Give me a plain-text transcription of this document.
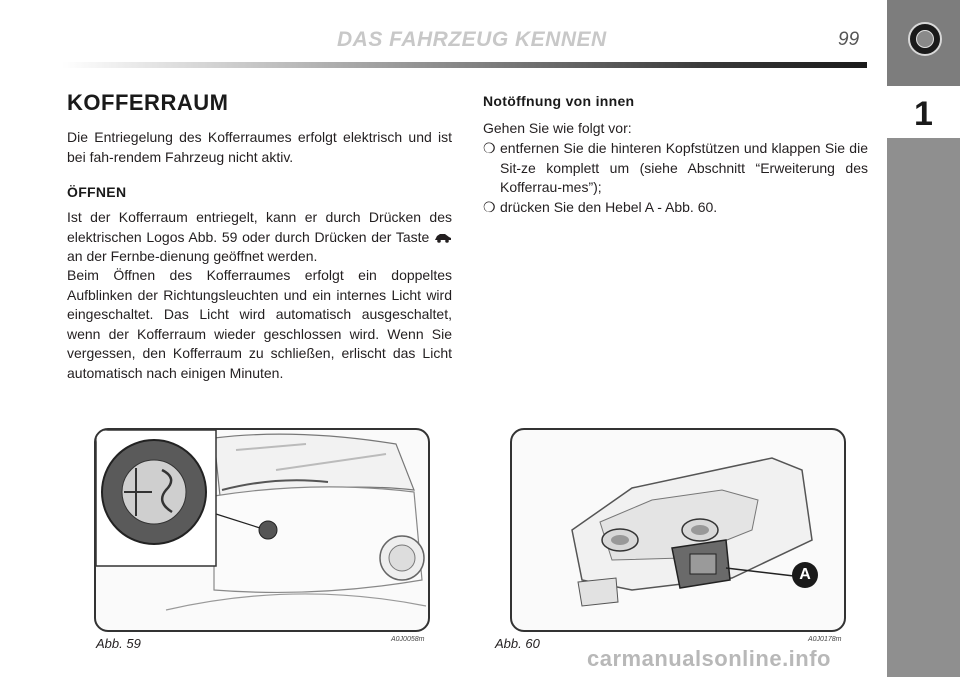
DAS FAHRZEUG KENNEN	99
1
KOFFERRAUM
Die Entriegelung des Kofferraumes erfolgt elektrisch und ist bei fah-rendem Fahrzeug nicht aktiv.
ÖFFNEN
Ist der Kofferraum entriegelt, kann er durch Drücken des elektrischen Logos Abb. 59 oder durch Drücken der Taste  an der Fernbe-dienung geöffnet werden.
Beim Öffnen des Kofferraumes erfolgt ein doppeltes Aufblinken der Richtungsleuchten und ein internes Licht wird eingeschaltet. Das Licht wird automatisch ausgeschaltet, wenn der Kofferraum wieder geschlossen wird. Wenn Sie vergessen, den Kofferraum zu schließen, erlischt das Licht automatisch nach einigen Minuten.
Notöffnung von innen
Gehen Sie wie folgt vor:
❍ entfernen Sie die hinteren Kopfstützen und klappen Sie die Sit-ze komplett um (siehe Abschnitt “Erweiterung des Kofferrau-mes”);
❍ drücken Sie den Hebel A - Abb. 60.
Abb. 59	A0J0058m
A
Abb. 60	A0J0178m
carmanualsonline.info
